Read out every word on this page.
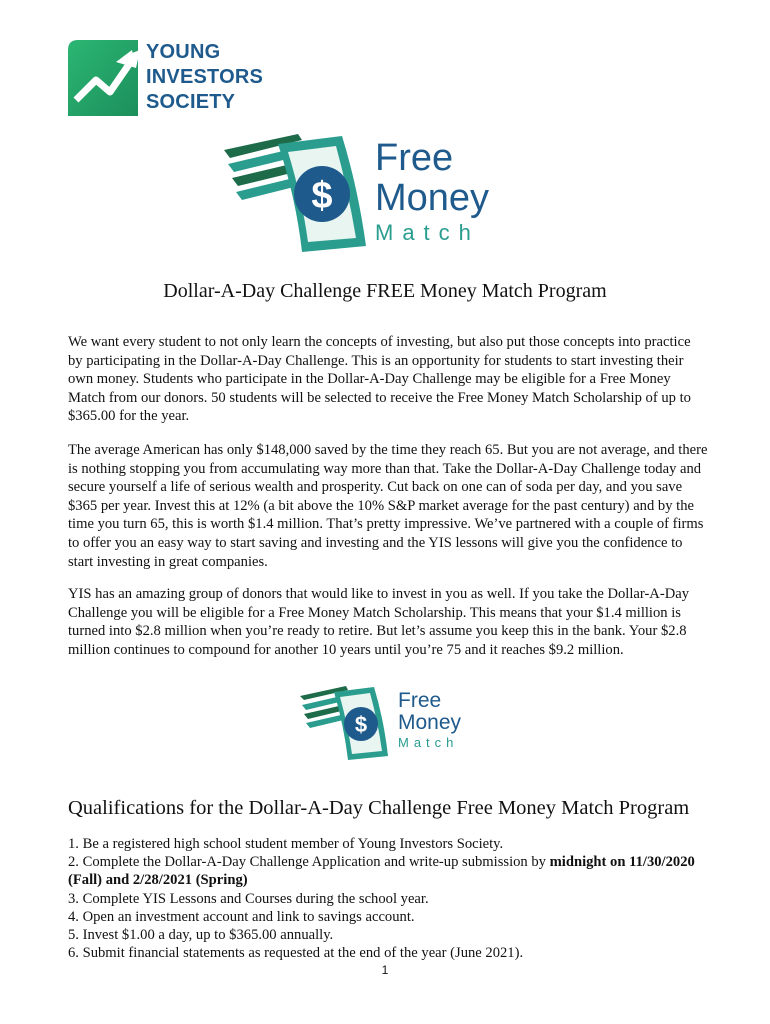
YOUNG
INVESTORS
SOCIETY
$
Free
Money
Match
Dollar-A-Day Challenge FREE Money Match Program

We want every student to not only learn the concepts of investing, but also put those concepts into practice by participating in the Dollar-A-Day Challenge. This is an opportunity for students to start investing their own money. Students who participate in the Dollar-A-Day Challenge may be eligible for a Free Money Match from our donors. 50 students will be selected to receive the Free Money Match Scholarship of up to $365.00 for the year.

The average American has only $148,000 saved by the time they reach 65. But you are not average, and there is nothing stopping you from accumulating way more than that. Take the Dollar-A-Day Challenge today and secure yourself a life of serious wealth and prosperity. Cut back on one can of soda per day, and you save $365 per year. Invest this at 12% (a bit above the 10% S&P market average for the past century) and by the time you turn 65, this is worth $1.4 million. That’s pretty impressive. We’ve partnered with a couple of firms to offer you an easy way to start saving and investing and the YIS lessons will give you the confidence to start investing in great companies.

YIS has an amazing group of donors that would like to invest in you as well. If you take the Dollar-A-Day Challenge you will be eligible for a Free Money Match Scholarship. This means that your $1.4 million is turned into $2.8 million when you’re ready to retire. But let’s assume you keep this in the bank. Your $2.8 million continues to compound for another 10 years until you’re 75 and it reaches $9.2 million.

$
Free
Money
Match
Qualifications for the Dollar-A-Day Challenge Free Money Match Program
1. Be a registered high school student member of Young Investors Society.
2. Complete the Dollar-A-Day Challenge Application and write-up submission by midnight on 11/30/2020 (Fall) and 2/28/2021 (Spring)
3. Complete YIS Lessons and Courses during the school year.
4. Open an investment account and link to savings account.
5. Invest $1.00 a day, up to $365.00 annually.
6. Submit financial statements as requested at the end of the year (June 2021).
1
